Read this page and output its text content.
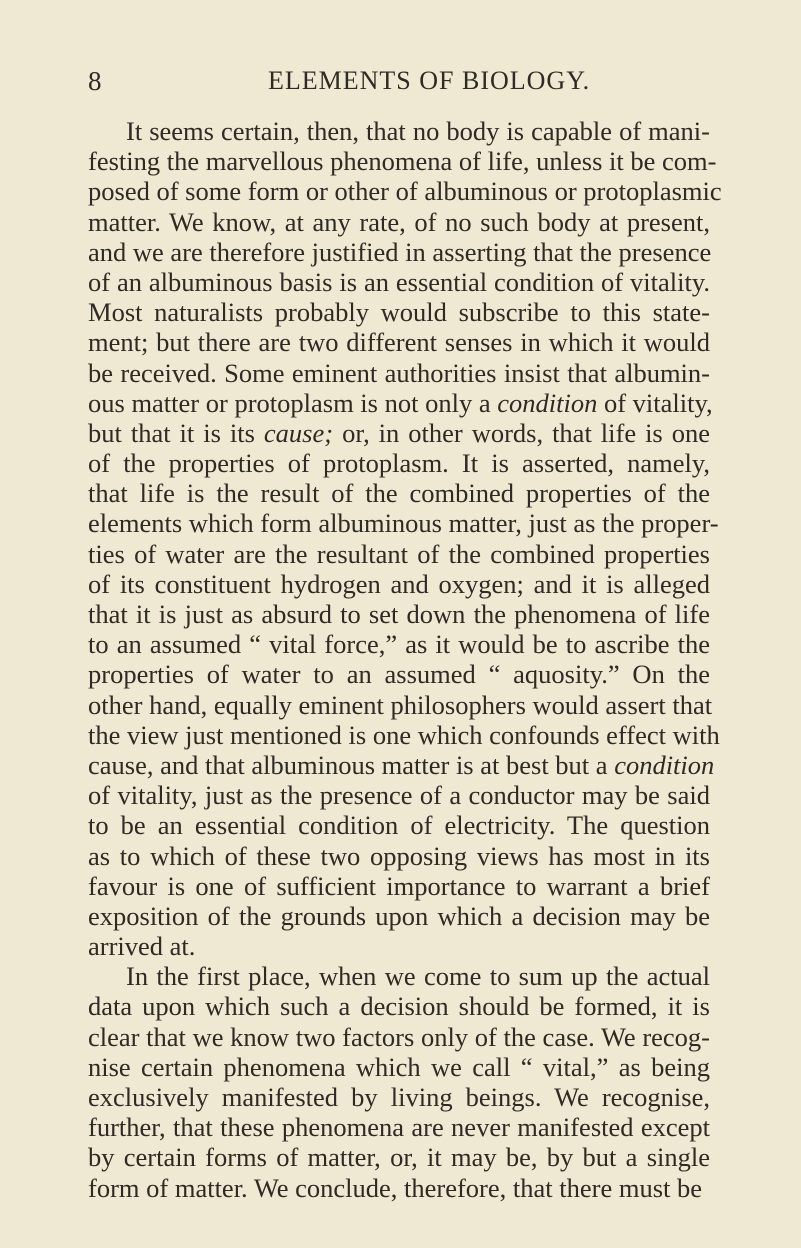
8	ELEMENTS OF BIOLOGY.
It seems certain, then, that no body is capable of mani-
festing the marvellous phenomena of life, unless it be com-
posed of some form or other of albuminous or protoplasmic
matter. We know, at any rate, of no such body at present,
and we are therefore justified in asserting that the presence
of an albuminous basis is an essential condition of vitality.
Most naturalists probably would subscribe to this state-
ment; but there are two different senses in which it would
be received. Some eminent authorities insist that albumin-
ous matter or protoplasm is not only a condition of vitality,
but that it is its cause; or, in other words, that life is one
of the properties of protoplasm. It is asserted, namely,
that life is the result of the combined properties of the
elements which form albuminous matter, just as the proper-
ties of water are the resultant of the combined properties
of its constituent hydrogen and oxygen; and it is alleged
that it is just as absurd to set down the phenomena of life
to an assumed “ vital force,” as it would be to ascribe the
properties of water to an assumed “ aquosity.” On the
other hand, equally eminent philosophers would assert that
the view just mentioned is one which confounds effect with
cause, and that albuminous matter is at best but a condition
of vitality, just as the presence of a conductor may be said
to be an essential condition of electricity. The question
as to which of these two opposing views has most in its
favour is one of sufficient importance to warrant a brief
exposition of the grounds upon which a decision may be
arrived at.
In the first place, when we come to sum up the actual
data upon which such a decision should be formed, it is
clear that we know two factors only of the case. We recog-
nise certain phenomena which we call “ vital,” as being
exclusively manifested by living beings. We recognise,
further, that these phenomena are never manifested except
by certain forms of matter, or, it may be, by but a single
form of matter. We conclude, therefore, that there must be
